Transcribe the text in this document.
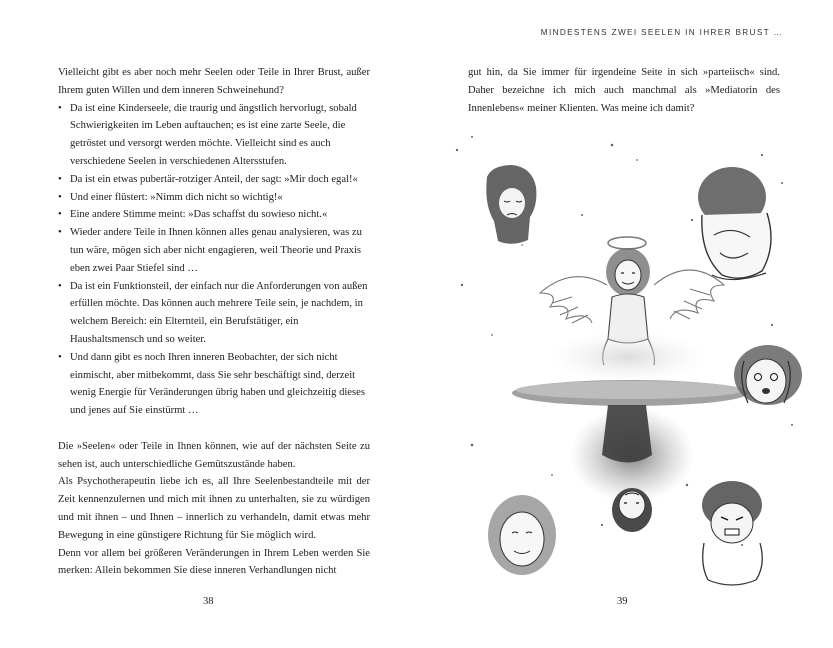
Vielleicht gibt es aber noch mehr Seelen oder Teile in Ihrer Brust, außer Ihrem guten Willen und dem inneren Schweinehund?

• Da ist eine Kinderseele, die traurig und ängstlich hervorlugt, sobald Schwierigkeiten im Leben auftauchen; es ist eine zarte Seele, die getröstet und versorgt werden möchte. Vielleicht sind es auch verschiedene Seelen in verschiedenen Altersstufen.
• Da ist ein etwas pubertär-rotziger Anteil, der sagt: »Mir doch egal!«
• Und einer flüstert: »Nimm dich nicht so wichtig!«
• Eine andere Stimme meint: »Das schaffst du sowieso nicht.«
• Wieder andere Teile in Ihnen können alles genau analysieren, was zu tun wäre, mögen sich aber nicht engagieren, weil Theorie und Praxis eben zwei Paar Stiefel sind …
• Da ist ein Funktionsteil, der einfach nur die Anforderungen von außen erfüllen möchte. Das können auch mehrere Teile sein, je nachdem, in welchem Bereich: ein Elternteil, ein Berufstätiger, ein Haushaltsmensch und so weiter.
• Und dann gibt es noch Ihren inneren Beobachter, der sich nicht einmischt, aber mitbekommt, dass Sie sehr beschäftigt sind, derzeit wenig Energie für Veränderungen übrig haben und gleichzeitig dieses und jenes auf Sie einstürmt …

Die »Seelen« oder Teile in Ihnen können, wie auf der nächsten Seite zu sehen ist, auch unterschiedliche Gemütszustände haben.

Als Psychotherapeutin liebe ich es, all Ihre Seelenbestandteile mit der Zeit kennenzulernen und mich mit ihnen zu unterhalten, sie zu würdigen und mit ihnen – und Ihnen – innerlich zu verhandeln, damit etwas mehr Bewegung in eine günstigere Richtung für Sie möglich wird.

Denn vor allem bei größeren Veränderungen in Ihrem Leben werden Sie merken: Allein bekommen Sie diese inneren Verhandlungen nicht

38
MINDESTENS ZWEI SEELEN IN IHRER BRUST …

gut hin, da Sie immer für irgendeine Seite in sich »parteiisch« sind. Daher bezeichne ich mich auch manchmal als »Mediatorin des Innenlebens« meiner Klienten. Was meine ich damit?

39
